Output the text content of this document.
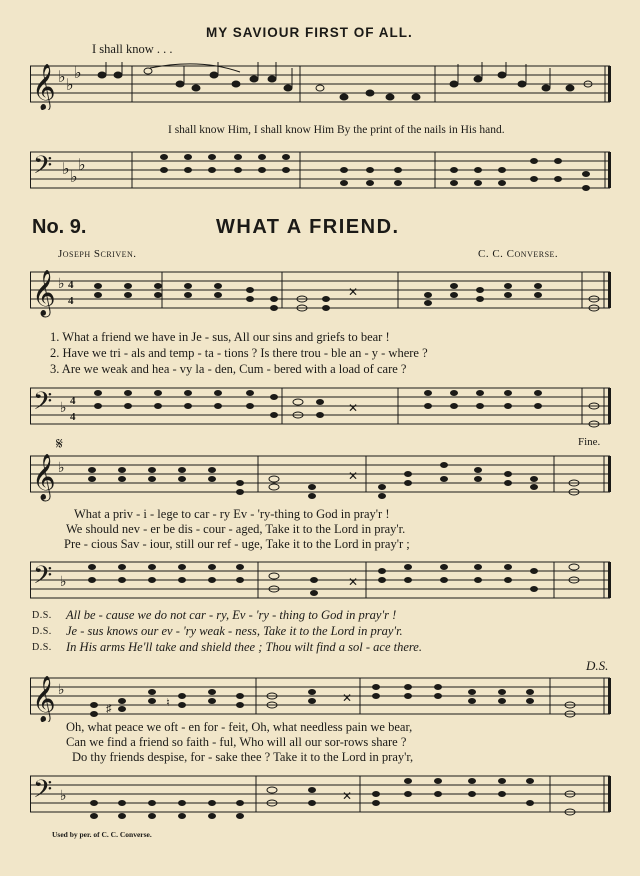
MY SAVIOUR FIRST OF ALL.
I shall know . . .
𝄞 ♭ ♭
♭
I shall know Him, I shall know Him By the print of the nails in His hand.
𝄢 ♭ ♭
♭
No. 9.	WHAT A FRIEND.
Joseph Scriven.	C. C. Converse.
𝄞 ♭ 4
4
✕
1. What a friend we have in Je - sus, All our sins and griefs to bear !
2. Have we tri - als and temp - ta - tions ? Is there trou - ble an - y - where ?
3. Are we weak and hea - vy la - den, Cum - bered with a load of care ?
𝄢 ♭ 4
4
✕
𝄋	Fine.
𝄞 ♭	✕
What a priv - i - lege to car - ry Ev - 'ry-thing to God in pray'r !
We should nev - er be dis - cour - aged, Take it to the Lord in pray'r.
Pre - cious Sav - iour, still our ref - uge, Take it to the Lord in pray'r ;
𝄢 ♭	✕
D.S. All be - cause we do not car - ry, Ev - 'ry - thing to God in pray'r !
D.S. Je - sus knows our ev - 'ry weak - ness, Take it to the Lord in pray'r.
D.S. In His arms He'll take and shield thee ; Thou wilt find a sol - ace there.
D.S.
𝄞 ♭
♯	♮	✕
Oh, what peace we oft - en for - feit, Oh, what needless pain we bear,
Can we find a friend so faith - ful, Who will all our sor-rows share ?
Do thy friends despise, for - sake thee ? Take it to the Lord in pray'r,
𝄢 ♭	✕
Used by per. of C. C. Converse.
